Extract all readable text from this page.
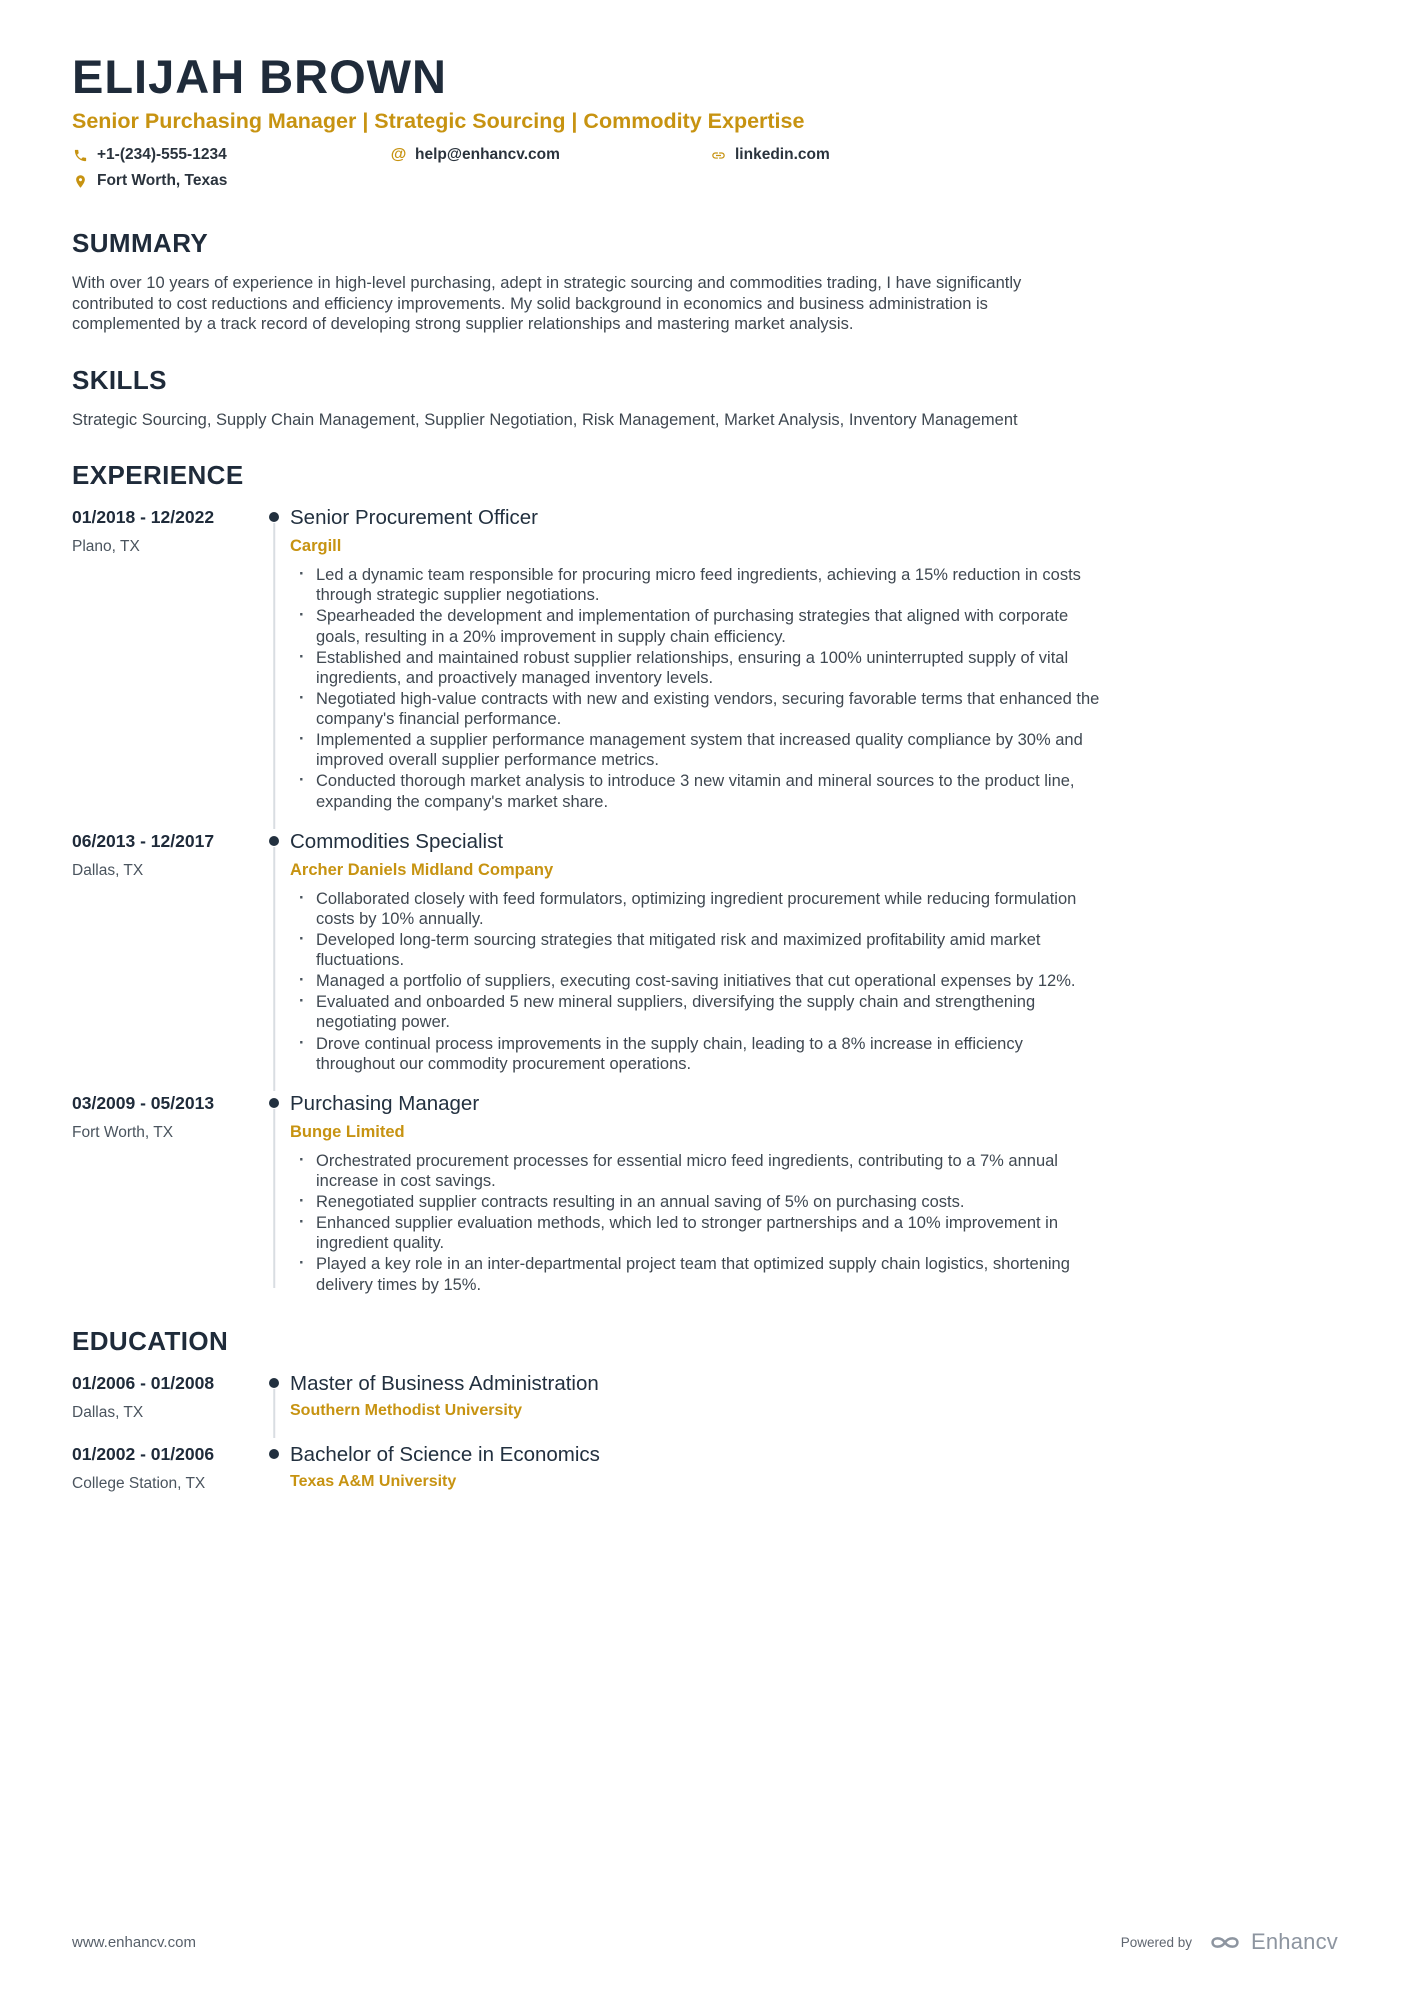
ELIJAH BROWN
Senior Purchasing Manager | Strategic Sourcing | Commodity Expertise
+1-(234)-555-1234	@ help@enhancv.com	linkedin.com
Fort Worth, Texas
SUMMARY

With over 10 years of experience in high-level purchasing, adept in strategic sourcing and commodities trading, I have significantly contributed to cost reductions and efficiency improvements. My solid background in economics and business administration is complemented by a track record of developing strong supplier relationships and mastering market analysis.

SKILLS

Strategic Sourcing, Supply Chain Management, Supplier Negotiation, Risk Management, Market Analysis, Inventory Management

EXPERIENCE
01/2018 - 12/2022
Plano, TX
Senior Procurement Officer
Cargill
· Led a dynamic team responsible for procuring micro feed ingredients, achieving a 15% reduction in costs through strategic supplier negotiations.
· Spearheaded the development and implementation of purchasing strategies that aligned with corporate goals, resulting in a 20% improvement in supply chain efficiency.
· Established and maintained robust supplier relationships, ensuring a 100% uninterrupted supply of vital ingredients, and proactively managed inventory levels.
· Negotiated high-value contracts with new and existing vendors, securing favorable terms that enhanced the company's financial performance.
· Implemented a supplier performance management system that increased quality compliance by 30% and improved overall supplier performance metrics.
· Conducted thorough market analysis to introduce 3 new vitamin and mineral sources to the product line, expanding the company's market share.
06/2013 - 12/2017
Dallas, TX
Commodities Specialist
Archer Daniels Midland Company
· Collaborated closely with feed formulators, optimizing ingredient procurement while reducing formulation costs by 10% annually.
· Developed long-term sourcing strategies that mitigated risk and maximized profitability amid market fluctuations.
· Managed a portfolio of suppliers, executing cost-saving initiatives that cut operational expenses by 12%.
· Evaluated and onboarded 5 new mineral suppliers, diversifying the supply chain and strengthening negotiating power.
· Drove continual process improvements in the supply chain, leading to a 8% increase in efficiency throughout our commodity procurement operations.
03/2009 - 05/2013
Fort Worth, TX
Purchasing Manager
Bunge Limited
· Orchestrated procurement processes for essential micro feed ingredients, contributing to a 7% annual increase in cost savings.
· Renegotiated supplier contracts resulting in an annual saving of 5% on purchasing costs.
· Enhanced supplier evaluation methods, which led to stronger partnerships and a 10% improvement in ingredient quality.
· Played a key role in an inter-departmental project team that optimized supply chain logistics, shortening delivery times by 15%.
EDUCATION
01/2006 - 01/2008
Dallas, TX
Master of Business Administration
Southern Methodist University
01/2002 - 01/2006
College Station, TX
Bachelor of Science in Economics
Texas A&M University
www.enhancv.com	Powered by	Enhancv
